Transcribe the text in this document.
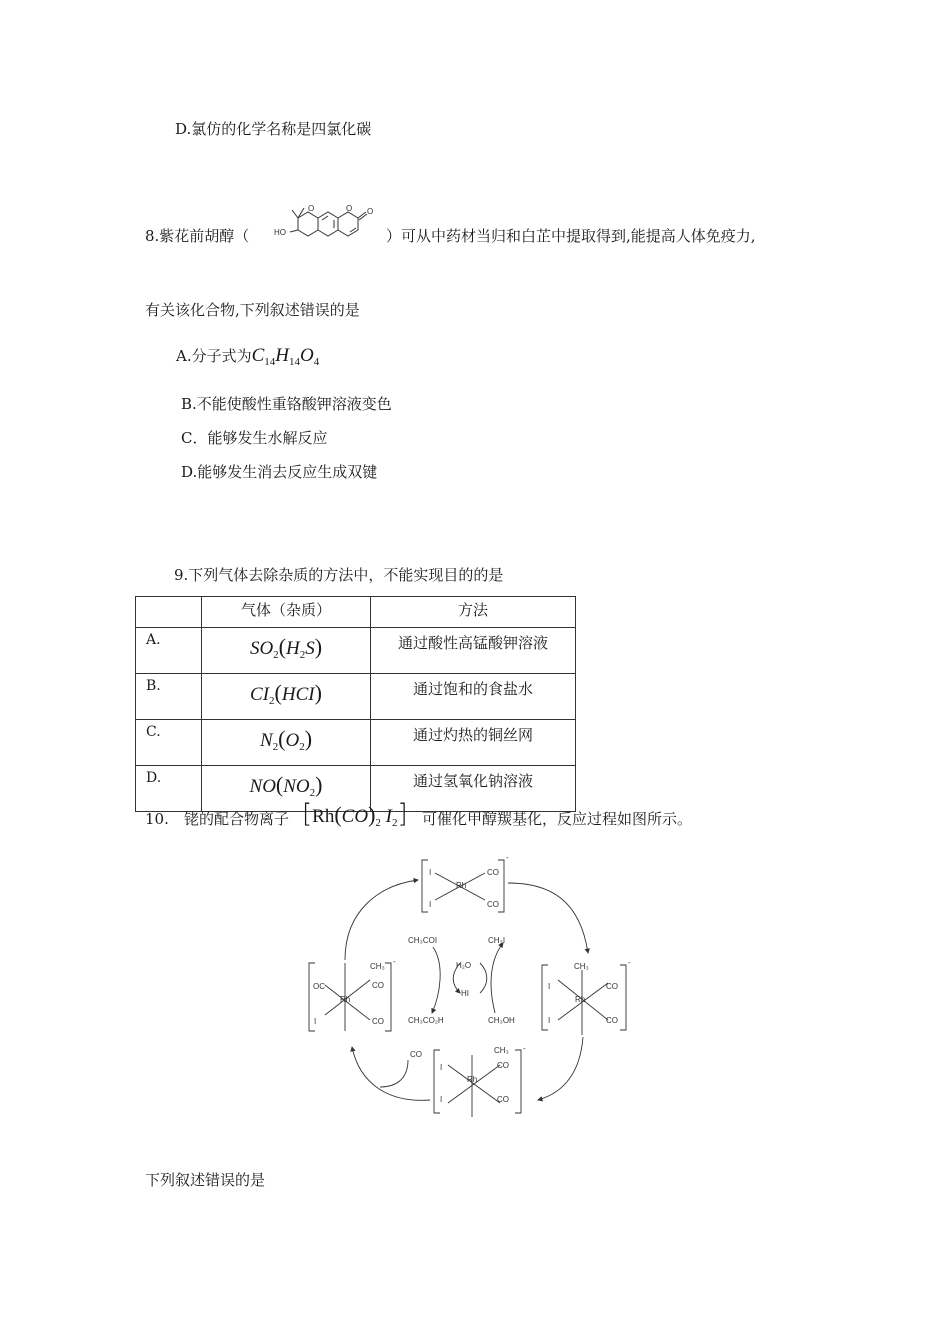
D.氯仿的化学名称是四氯化碳
8.紫花前胡醇（
O	O O
HO	）可从中药材当归和白芷中提取得到,能提高人体免疫力,
有关该化合物,下列叙述错误的是
A.分子式为$C_{14}H_{14}O_4$
B.不能使酸性重铬酸钾溶液变色
C．能够发生水解反应
D.能够发生消去反应生成双键
9.下列气体去除杂质的方法中，不能实现目的的是
	气体（杂质）	方法
A.	$SO_2(H_2S)$	通过酸性高锰酸钾溶液
B.	$CI_2(HCI)$	通过饱和的食盐水
C.	$N_2(O_2)$	通过灼热的铜丝网
D.	$NO(NO_2)$	通过氢氧化钠溶液
10. 铑的配合物离子 [$Rh(CO)_2$ $I_2$] 可催化甲醇羰基化，反应过程如图所示。
Rh
CO
CO
I
I
-
Rh
OC
CH₃
CO
CO
I
-
Rh
CH₃
CO
CO
I
I
-
Rh
CH₃
CO
CO
I
I
-
CH₃COI	CH₃I
H₂O
HI
CH₃CO₂H	CH₃OH
CO
下列叙述错误的是
